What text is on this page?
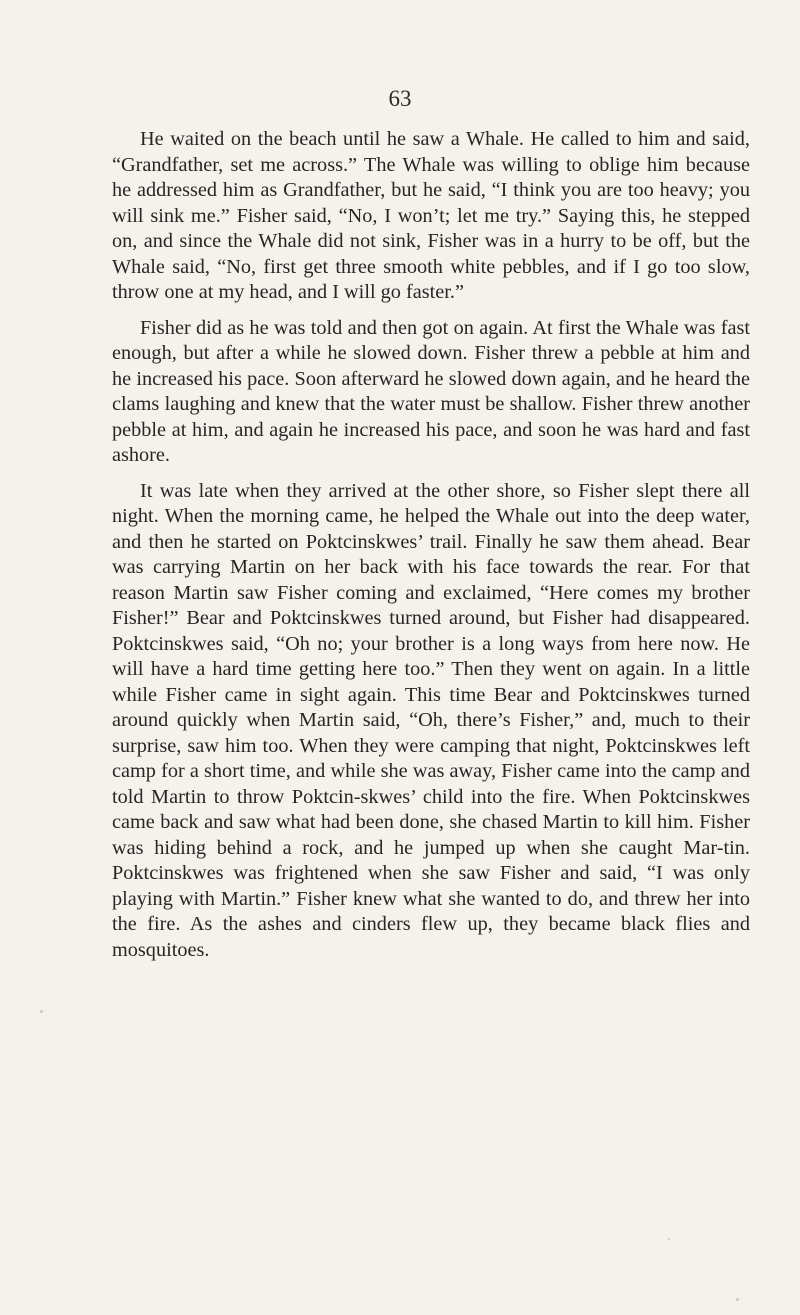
63

He waited on the beach until he saw a Whale. He called to him and said, “Grandfather, set me across.” The Whale was willing to oblige him because he addressed him as Grandfather, but he said, “I think you are too heavy; you will sink me.” Fisher said, “No, I won’t; let me try.” Saying this, he stepped on, and since the Whale did not sink, Fisher was in a hurry to be off, but the Whale said, “No, first get three smooth white pebbles, and if I go too slow, throw one at my head, and I will go faster.”

Fisher did as he was told and then got on again. At first the Whale was fast enough, but after a while he slowed down. Fisher threw a pebble at him and he increased his pace. Soon afterward he slowed down again, and he heard the clams laughing and knew that the water must be shallow. Fisher threw another pebble at him, and again he increased his pace, and soon he was hard and fast ashore.

It was late when they arrived at the other shore, so Fisher slept there all night. When the morning came, he helped the Whale out into the deep water, and then he started on Poktcinskwes’ trail. Finally he saw them ahead. Bear was carrying Martin on her back with his face towards the rear. For that reason Martin saw Fisher coming and exclaimed, “Here comes my brother Fisher!” Bear and Poktcinskwes turned around, but Fisher had disappeared. Poktcinskwes said, “Oh no; your brother is a long ways from here now. He will have a hard time getting here too.” Then they went on again. In a little while Fisher came in sight again. This time Bear and Poktcinskwes turned around quickly when Martin said, “Oh, there’s Fisher,” and, much to their surprise, saw him too. When they were camping that night, Poktcinskwes left camp for a short time, and while she was away, Fisher came into the camp and told Martin to throw Poktcin-skwes’ child into the fire. When Poktcinskwes came back and saw what had been done, she chased Martin to kill him. Fisher was hiding behind a rock, and he jumped up when she caught Mar-tin. Poktcinskwes was frightened when she saw Fisher and said, “I was only playing with Martin.” Fisher knew what she wanted to do, and threw her into the fire. As the ashes and cinders flew up, they became black flies and mosquitoes.
